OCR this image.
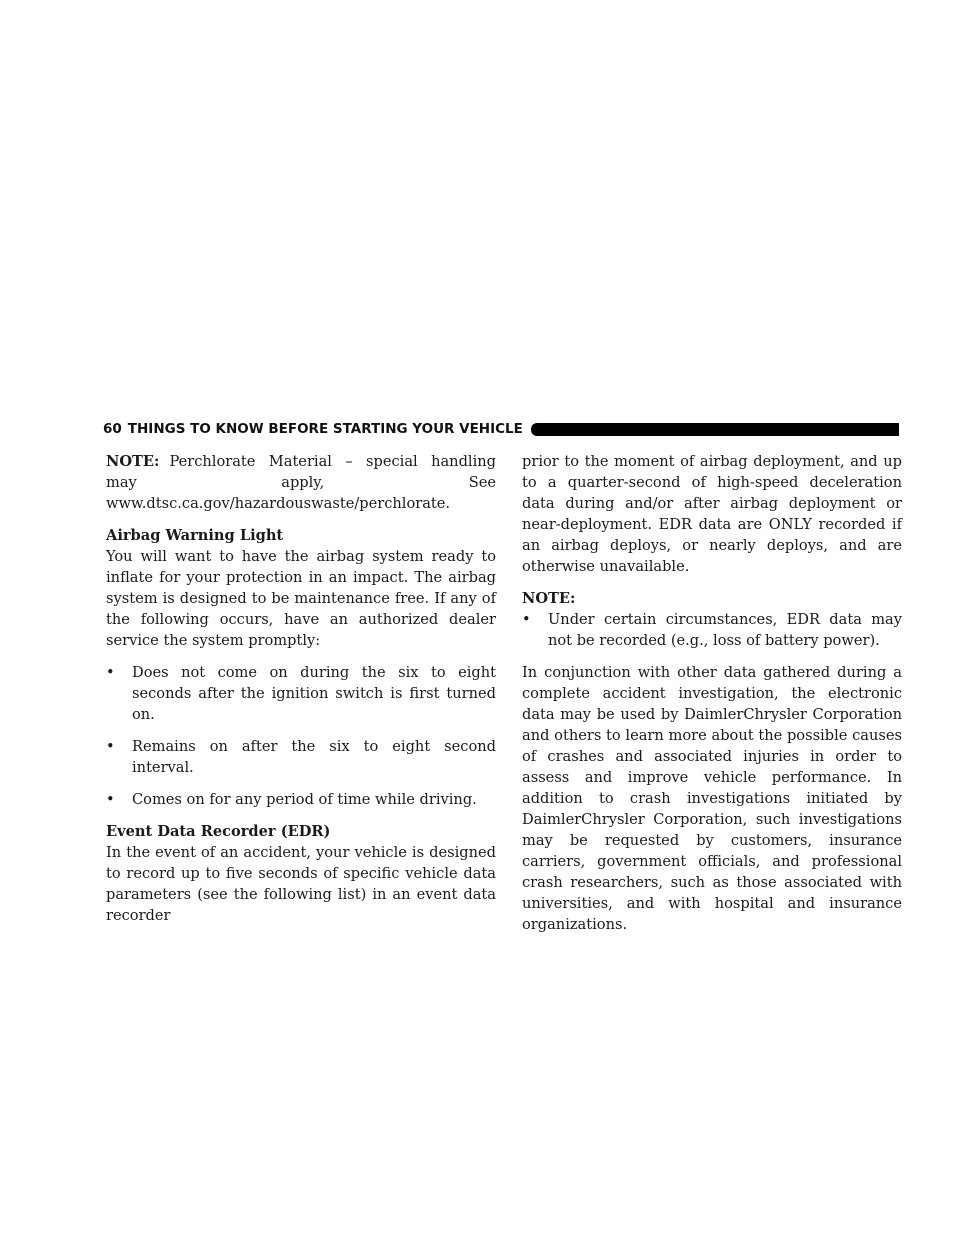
60 THINGS TO KNOW BEFORE STARTING YOUR VEHICLE

NOTE: Perchlorate Material – special handling may apply, See www.dtsc.ca.gov/hazardouswaste/perchlorate.

Airbag Warning Light

You will want to have the airbag system ready to inflate for your protection in an impact. The airbag system is designed to be maintenance free. If any of the following occurs, have an authorized dealer service the system promptly:

•	Does not come on during the six to eight seconds after the ignition switch is first turned on.
•	Remains on after the six to eight second interval.
•	Comes on for any period of time while driving.
Event Data Recorder (EDR)

In the event of an accident, your vehicle is designed to record up to five seconds of specific vehicle data parameters (see the following list) in an event data recorder

prior to the moment of airbag deployment, and up to a quarter-second of high-speed deceleration data during and/or after airbag deployment or near-deployment. EDR data are ONLY recorded if an airbag deploys, or nearly deploys, and are otherwise unavailable.

NOTE:
•	Under certain circumstances, EDR data may not be recorded (e.g., loss of battery power).

In conjunction with other data gathered during a complete accident investigation, the electronic data may be used by DaimlerChrysler Corporation and others to learn more about the possible causes of crashes and associated injuries in order to assess and improve vehicle performance. In addition to crash investigations initiated by DaimlerChrysler Corporation, such investigations may be requested by customers, insurance carriers, government officials, and professional crash researchers, such as those associated with universities, and with hospital and insurance organizations.
